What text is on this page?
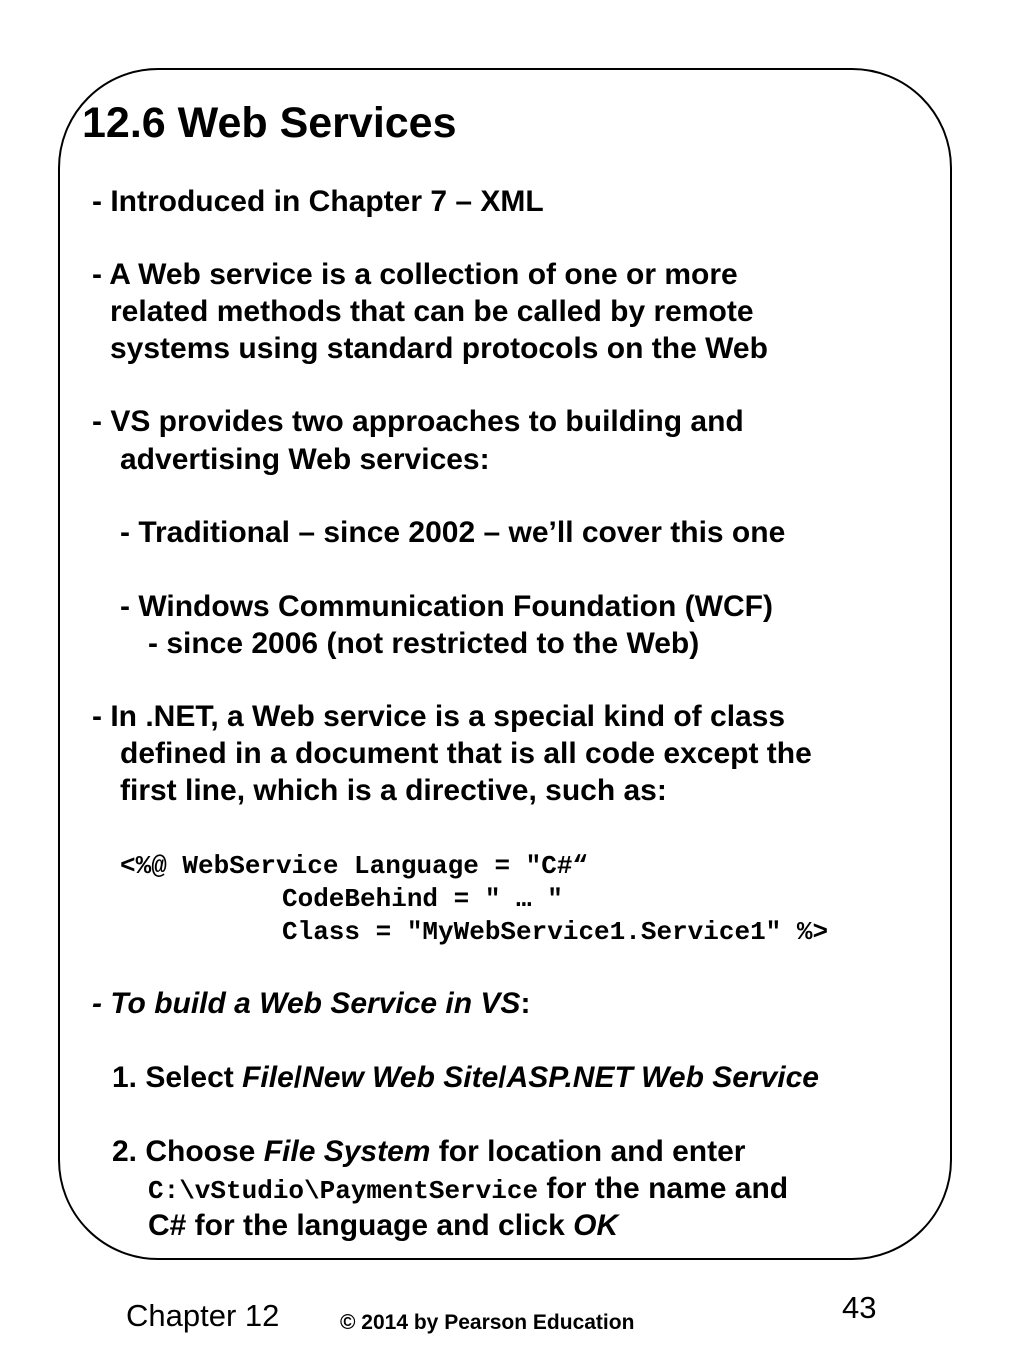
12.6 Web Services
- Introduced in Chapter 7 – XML
- A Web service is a collection of one or more
related methods that can be called by remote
systems using standard protocols on the Web
- VS provides two approaches to building and
advertising Web services:
- Traditional – since 2002 – we’ll cover this one
- Windows Communication Foundation (WCF)
- since 2006 (not restricted to the Web)
- In .NET, a Web service is a special kind of class
defined in a document that is all code except the
first line, which is a directive, such as:
<%@ WebService Language = "C#“
CodeBehind = " … "
Class = "MyWebService1.Service1" %>
- To build a Web Service in VS:
1. Select File/New Web Site/ASP.NET Web Service
2. Choose File System for location and enter
C:\vStudio\PaymentService for the name and
C# for the language and click OK
Chapter 12	© 2014 by Pearson Education	43
